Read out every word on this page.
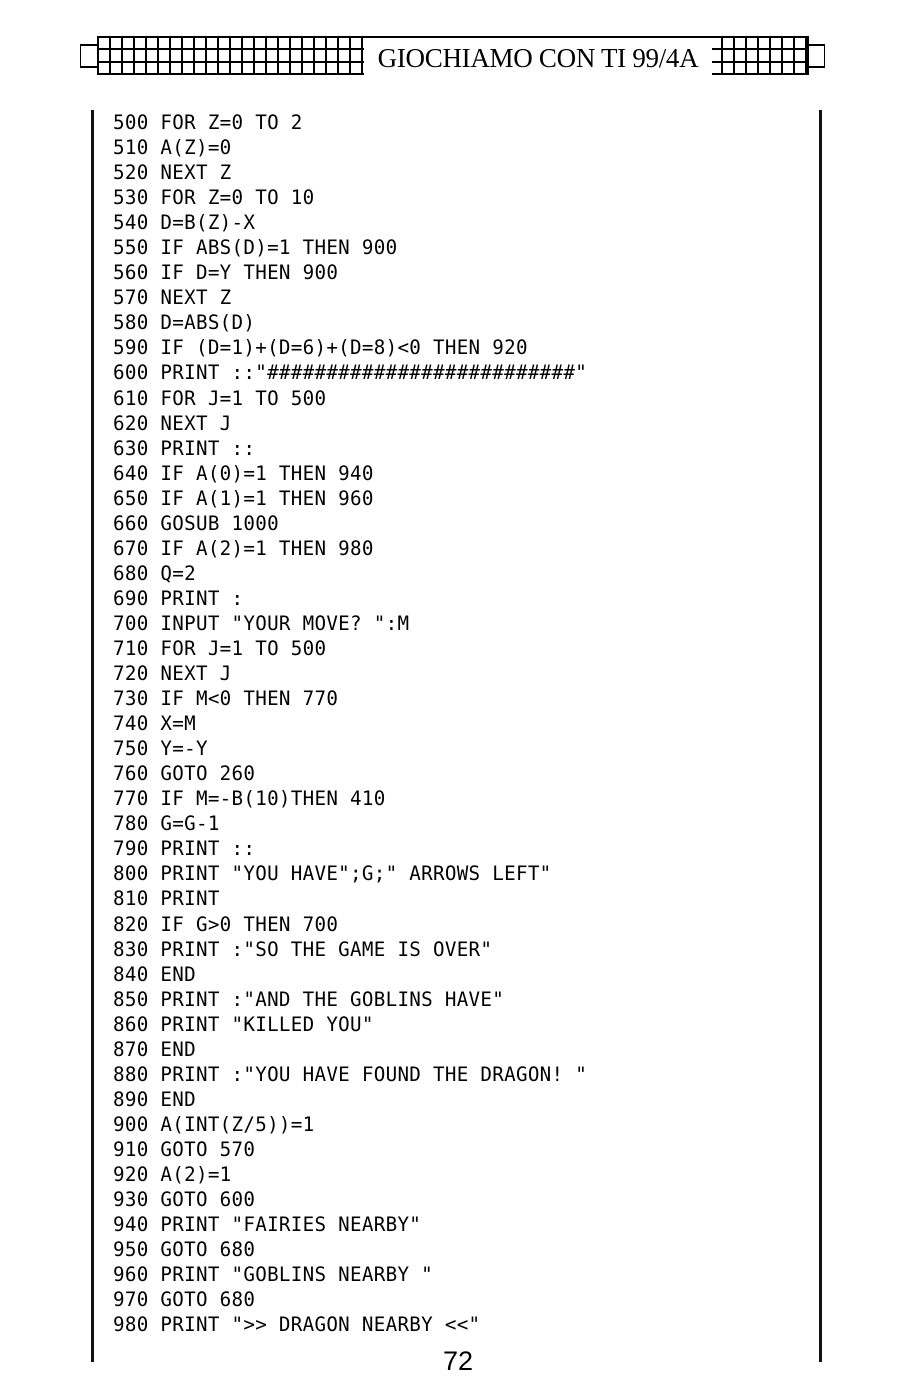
GIOCHIAMO CON TI 99/4A
500 FOR Z=0 TO 2
510 A(Z)=0
520 NEXT Z
530 FOR Z=0 TO 10
540 D=B(Z)-X
550 IF ABS(D)=1 THEN 900
560 IF D=Y THEN 900
570 NEXT Z
580 D=ABS(D)
590 IF (D=1)+(D=6)+(D=8)<0 THEN 920
600 PRINT ::"##########################"
610 FOR J=1 TO 500
620 NEXT J
630 PRINT ::
640 IF A(0)=1 THEN 940
650 IF A(1)=1 THEN 960
660 GOSUB 1000
670 IF A(2)=1 THEN 980
680 Q=2
690 PRINT :
700 INPUT "YOUR MOVE? ":M
710 FOR J=1 TO 500
720 NEXT J
730 IF M<0 THEN 770
740 X=M
750 Y=-Y
760 GOTO 260
770 IF M=-B(10)THEN 410
780 G=G-1
790 PRINT ::
800 PRINT "YOU HAVE";G;" ARROWS LEFT"
810 PRINT
820 IF G>0 THEN 700
830 PRINT :"SO THE GAME IS OVER"
840 END
850 PRINT :"AND THE GOBLINS HAVE"
860 PRINT "KILLED YOU"
870 END
880 PRINT :"YOU HAVE FOUND THE DRAGON! "
890 END
900 A(INT(Z/5))=1
910 GOTO 570
920 A(2)=1
930 GOTO 600
940 PRINT "FAIRIES NEARBY"
950 GOTO 680
960 PRINT "GOBLINS NEARBY "
970 GOTO 680
980 PRINT ">> DRAGON NEARBY <<"
72
